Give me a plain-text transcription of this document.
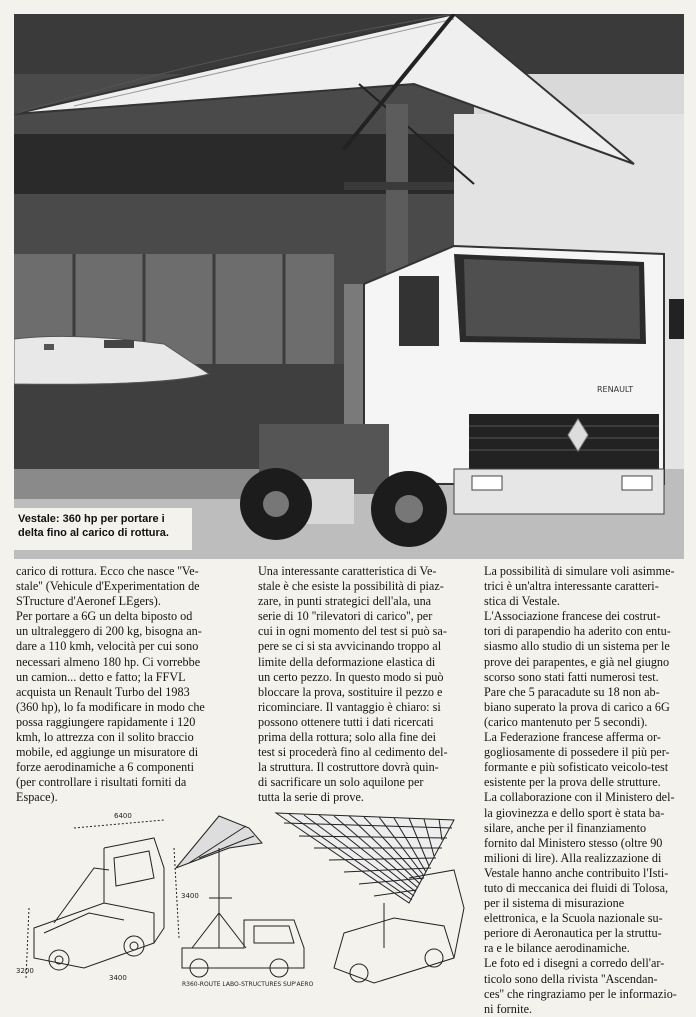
RENAULT
Vestale: 360 hp per portare i
delta fino al carico di rottura.
carico di rottura. Ecco che nasce ''Ve-
stale'' (Vehicule d'Experimentation de
STructure d'Aeronef LEgers).
Per portare a 6G un delta biposto od
un ultraleggero di 200 kg, bisogna an-
dare a 110 kmh, velocità per cui sono
necessari almeno 180 hp. Ci vorrebbe
un camion... detto e fatto; la FFVL
acquista un Renault Turbo del 1983
(360 hp), lo fa modificare in modo che
possa raggiungere rapidamente i 120
kmh, lo attrezza con il solito braccio
mobile, ed aggiunge un misuratore di
forze aerodinamiche a 6 componenti
(per controllare i risultati forniti da
Espace).
Una interessante caratteristica di Ve-
stale è che esiste la possibilità di piaz-
zare, in punti strategici dell'ala, una
serie di 10 ''rilevatori di carico'', per
cui in ogni momento del test si può sa-
pere se ci si sta avvicinando troppo al
limite della deformazione elastica di
un certo pezzo. In questo modo si può
bloccare la prova, sostituire il pezzo e
ricominciare. Il vantaggio è chiaro: si
possono ottenere tutti i dati ricercati
prima della rottura; solo alla fine dei
test si procederà fino al cedimento del-
la struttura. Il costruttore dovrà quin-
di sacrificare un solo aquilone per
tutta la serie di prove.
La possibilità di simulare voli asimme-
trici è un'altra interessante caratteri-
stica di Vestale.
L'Associazione francese dei costrut-
tori di parapendio ha aderito con entu-
siasmo allo studio di un sistema per le
prove dei parapentes, e già nel giugno
scorso sono stati fatti numerosi test.
Pare che 5 paracadute su 18 non ab-
biano superato la prova di carico a 6G
(carico mantenuto per 5 secondi).
La Federazione francese afferma or-
gogliosamente di possedere il più per-
formante e più sofisticato veicolo-test
esistente per la prova delle strutture.
La collaborazione con il Ministero del-
la giovinezza e dello sport è stata ba-
silare, anche per il finanziamento
fornito dal Ministero stesso (oltre 90
milioni di lire). Alla realizzazione di
Vestale hanno anche contribuito l'Isti-
tuto di meccanica dei fluidi di Tolosa,
per il sistema di misurazione
elettronica, e la Scuola nazionale su-
periore di Aeronautica per la struttu-
ra e le bilance aerodinamiche.
Le foto ed i disegni a corredo dell'ar-
ticolo sono della rivista ''Ascendan-
ces'' che ringraziamo per le informazio-
ni fornite.
6400
3400
3400
3200
R360-ROUTE LABO-STRUCTURES SUP'AERO
